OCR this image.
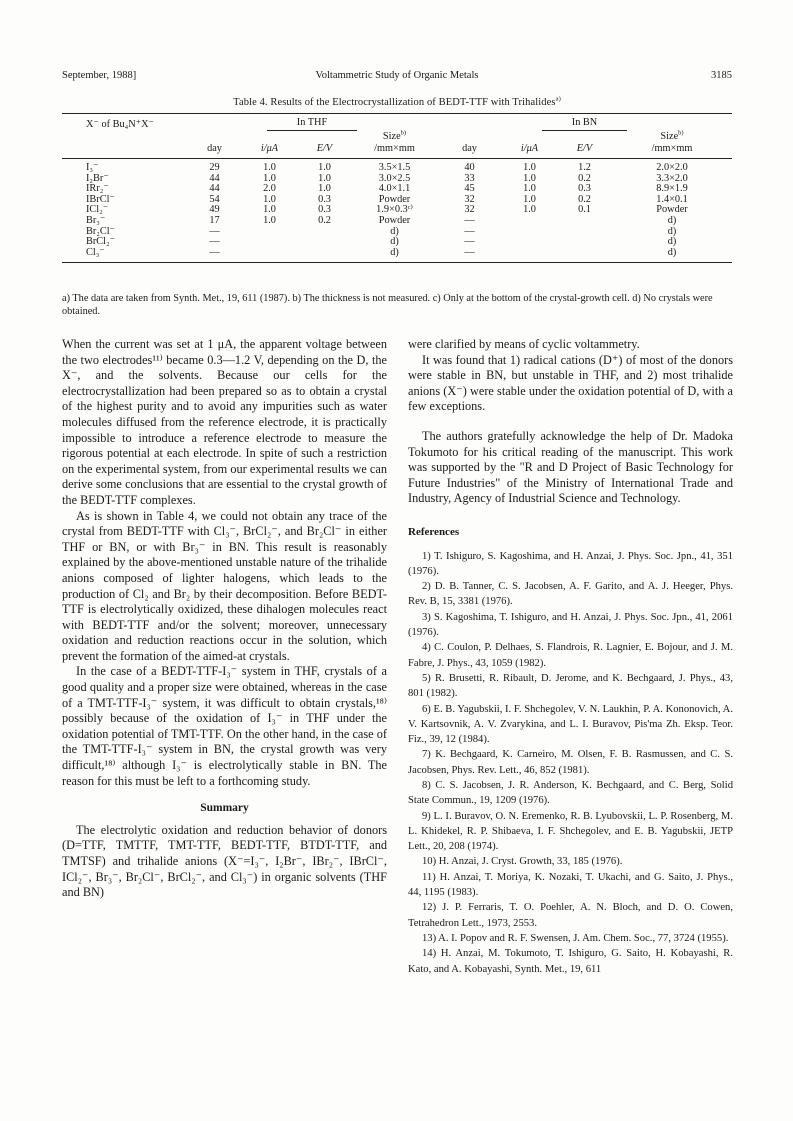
September, 1988]	Voltammetric Study of Organic Metals	3185
Table 4. Results of the Electrocrystallization of BEDT-TTF with Trihalides$^{a)}$
X⁻ of Bu₄N⁺X⁻	In THF				In BN			
				Size$^{b)}$				Size$^{b)}$
	day	i/μA	E/V	/mm×mm	day	i/μA	E/V	/mm×mm
I₃⁻	29	1.0	1.0	3.5×1.5	40	1.0	1.2	2.0×2.0
I₂Br⁻	44	1.0	1.0	3.0×2.5	33	1.0	0.2	3.3×2.0
IRr₂⁻	44	2.0	1.0	4.0×1.1	45	1.0	0.3	8.9×1.9
IBrCl⁻	54	1.0	0.3	Powder	32	1.0	0.2	1.4×0.1
ICl₂⁻	49	1.0	0.3	1.9×0.3ᶜ⁾	32	1.0	0.1	Powder
Br₃⁻	17	1.0	0.2	Powder	—			d)
Br₂Cl⁻	—			d)	—			d)
BrCl₂⁻	—			d)	—			d)
Cl₃⁻	—			d)	—			d)
a) The data are taken from Synth. Met., 19, 611 (1987). b) The thickness is not measured. c) Only at the bottom of the crystal-growth cell. d) No crystals were obtained.

When the current was set at 1 μA, the apparent voltage between the two electrodes¹¹⁾ became 0.3—1.2 V, depending on the D, the X⁻, and the solvents. Because our cells for the electrocrystallization had been prepared so as to obtain a crystal of the highest purity and to avoid any impurities such as water molecules diffused from the reference electrode, it is practically impossible to introduce a reference electrode to measure the rigorous potential at each electrode. In spite of such a restriction on the experimental system, from our experimental results we can derive some conclusions that are essential to the crystal growth of the BEDT-TTF complexes.

As is shown in Table 4, we could not obtain any trace of the crystal from BEDT-TTF with Cl₃⁻, BrCl₂⁻, and Br₂Cl⁻ in either THF or BN, or with Br₃⁻ in BN. This result is reasonably explained by the above-mentioned unstable nature of the trihalide anions composed of lighter halogens, which leads to the production of Cl₂ and Br₂ by their decomposition. Before BEDT-TTF is electrolytically oxidized, these dihalogen molecules react with BEDT-TTF and/or the solvent; moreover, unnecessary oxidation and reduction reactions occur in the solution, which prevent the formation of the aimed-at crystals.

In the case of a BEDT-TTF-I₃⁻ system in THF, crystals of a good quality and a proper size were obtained, whereas in the case of a TMT-TTF-I₃⁻ system, it was difficult to obtain crystals,¹⁸⁾ possibly because of the oxidation of I₃⁻ in THF under the oxidation potential of TMT-TTF. On the other hand, in the case of the TMT-TTF-I₃⁻ system in BN, the crystal growth was very difficult,¹⁸⁾ although I₃⁻ is electrolytically stable in BN. The reason for this must be left to a forthcoming study.

Summary

The electrolytic oxidation and reduction behavior of donors (D=TTF, TMTTF, TMT-TTF, BEDT-TTF, BTDT-TTF, and TMTSF) and trihalide anions (X⁻=I₃⁻, I₂Br⁻, IBr₂⁻, IBrCl⁻, ICl₂⁻, Br₃⁻, Br₂Cl⁻, BrCl₂⁻, and Cl₃⁻) in organic solvents (THF and BN)

were clarified by means of cyclic voltammetry.

It was found that 1) radical cations (D⁺) of most of the donors were stable in BN, but unstable in THF, and 2) most trihalide anions (X⁻) were stable under the oxidation potential of D, with a few exceptions.

The authors gratefully acknowledge the help of Dr. Madoka Tokumoto for his critical reading of the manuscript. This work was supported by the "R and D Project of Basic Technology for Future Industries" of the Ministry of International Trade and Industry, Agency of Industrial Science and Technology.

References

1) T. Ishiguro, S. Kagoshima, and H. Anzai, J. Phys. Soc. Jpn., 41, 351 (1976).

2) D. B. Tanner, C. S. Jacobsen, A. F. Garito, and A. J. Heeger, Phys. Rev. B, 15, 3381 (1976).

3) S. Kagoshima, T. Ishiguro, and H. Anzai, J. Phys. Soc. Jpn., 41, 2061 (1976).

4) C. Coulon, P. Delhaes, S. Flandrois, R. Lagnier, E. Bojour, and J. M. Fabre, J. Phys., 43, 1059 (1982).

5) R. Brusetti, R. Ribault, D. Jerome, and K. Bechgaard, J. Phys., 43, 801 (1982).

6) E. B. Yagubskii, I. F. Shchegolev, V. N. Laukhin, P. A. Kononovich, A. V. Kartsovnik, A. V. Zvarykina, and L. I. Buravov, Pis'ma Zh. Eksp. Teor. Fiz., 39, 12 (1984).

7) K. Bechgaard, K. Carneiro, M. Olsen, F. B. Rasmussen, and C. S. Jacobsen, Phys. Rev. Lett., 46, 852 (1981).

8) C. S. Jacobsen, J. R. Anderson, K. Bechgaard, and C. Berg, Solid State Commun., 19, 1209 (1976).

9) L. I. Buravov, O. N. Eremenko, R. B. Lyubovskii, L. P. Rosenberg, M. L. Khidekel, R. P. Shibaeva, I. F. Shchegolev, and E. B. Yagubskii, JETP Lett., 20, 208 (1974).

10) H. Anzai, J. Cryst. Growth, 33, 185 (1976).

11) H. Anzai, T. Moriya, K. Nozaki, T. Ukachi, and G. Saito, J. Phys., 44, 1195 (1983).

12) J. P. Ferraris, T. O. Poehler, A. N. Bloch, and D. O. Cowen, Tetrahedron Lett., 1973, 2553.

13) A. I. Popov and R. F. Swensen, J. Am. Chem. Soc., 77, 3724 (1955).

14) H. Anzai, M. Tokumoto, T. Ishiguro, G. Saito, H. Kobayashi, R. Kato, and A. Kobayashi, Synth. Met., 19, 611
